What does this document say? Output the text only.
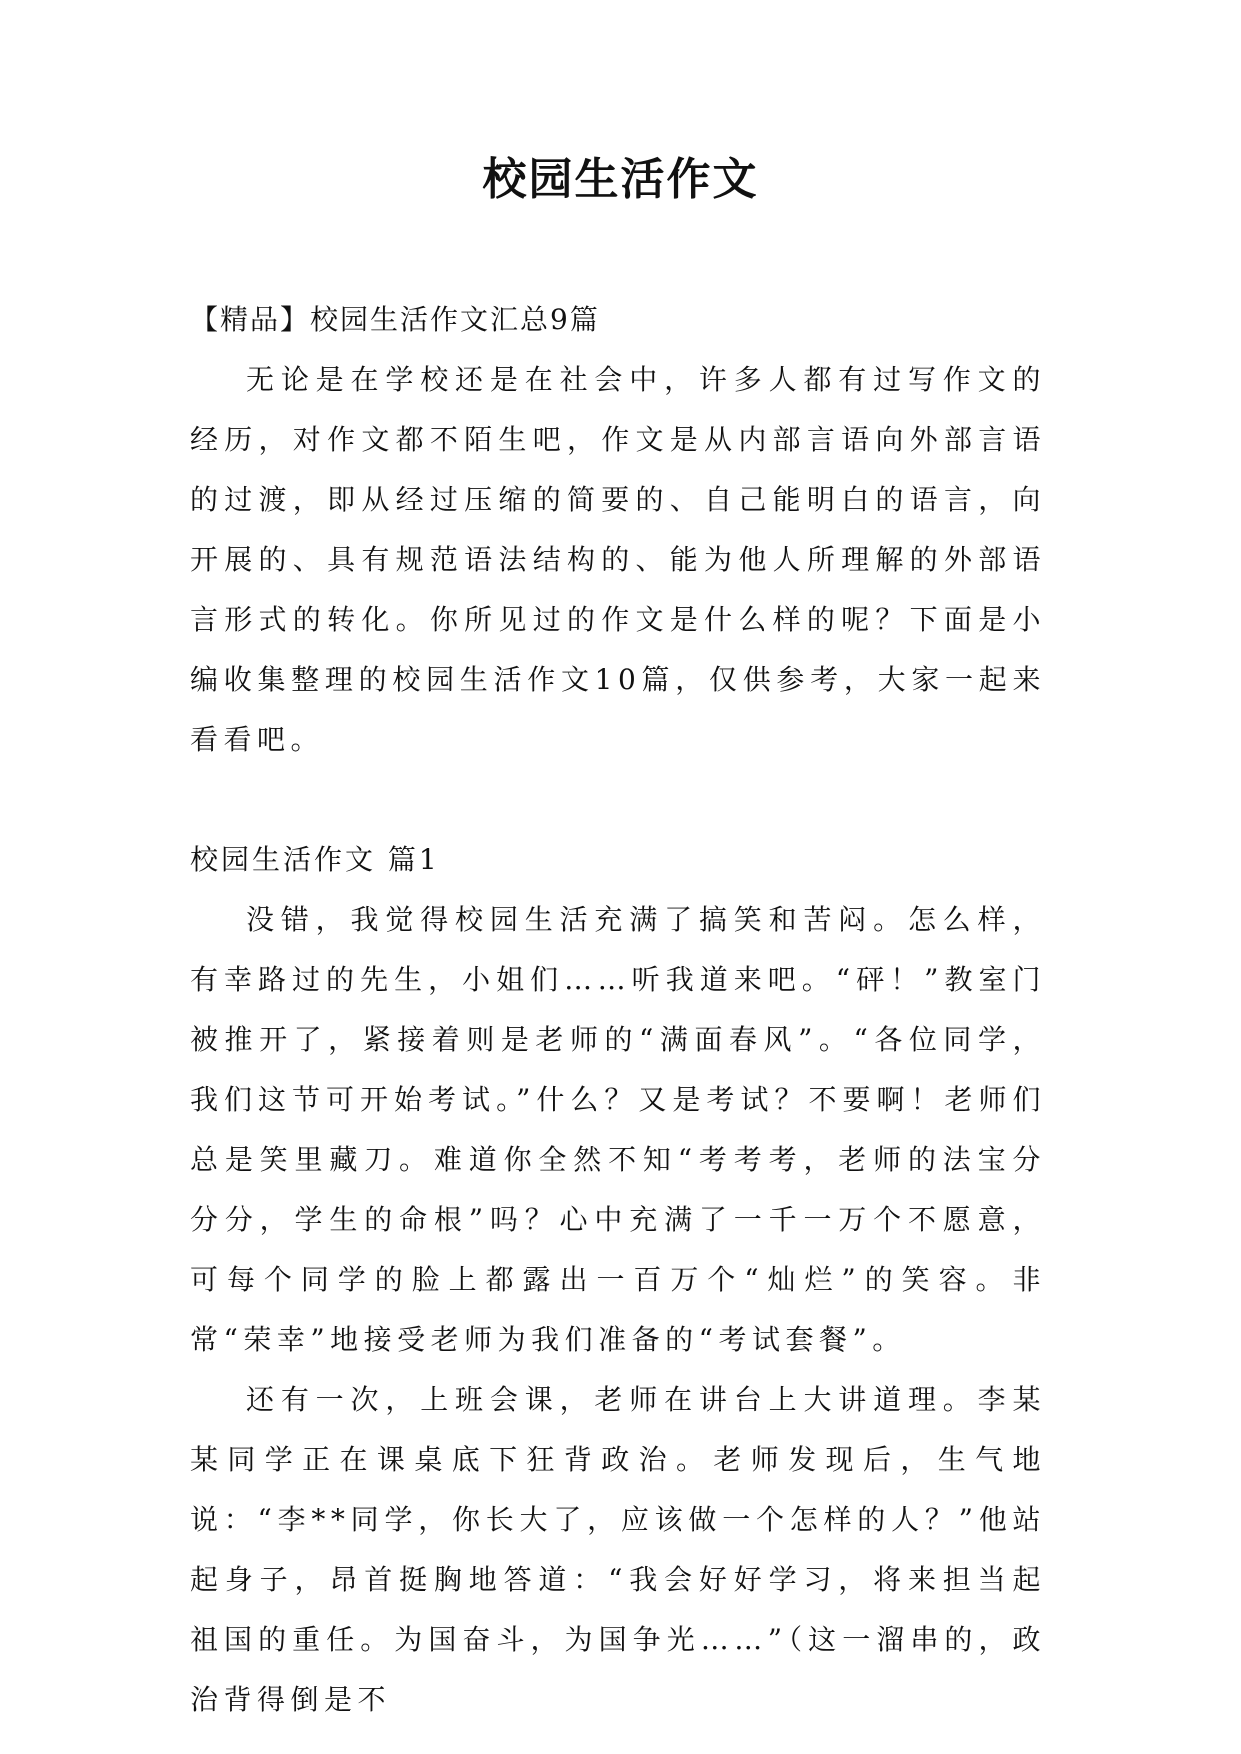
校园生活作文

【精品】校园生活作文汇总9篇

无论是在学校还是在社会中，许多人都有过写作文的经历，对作文都不陌生吧，作文是从内部言语向外部言语的过渡，即从经过压缩的简要的、自己能明白的语言，向开展的、具有规范语法结构的、能为他人所理解的外部语言形式的转化。你所见过的作文是什么样的呢？下面是小编收集整理的校园生活作文10篇，仅供参考，大家一起来看看吧。

校园生活作文 篇1

没错，我觉得校园生活充满了搞笑和苦闷。怎么样，有幸路过的先生，小姐们……听我道来吧。“砰！”教室门被推开了，紧接着则是老师的“满面春风”。“各位同学，我们这节可开始考试。”什么？又是考试？不要啊！老师们总是笑里藏刀。难道你全然不知“考考考，老师的法宝分分分，学生的命根”吗？心中充满了一千一万个不愿意，可每个同学的脸上都露出一百万个“灿烂”的笑容。非常“荣幸”地接受老师为我们准备的“考试套餐”。

还有一次，上班会课，老师在讲台上大讲道理。李某某同学正在课桌底下狂背政治。老师发现后，生气地说：“李**同学，你长大了，应该做一个怎样的人？”他站起身子，昂首挺胸地答道：“我会好好学习，将来担当起祖国的重任。为国奋斗，为国争光……”（这一溜串的，政治背得倒是不
